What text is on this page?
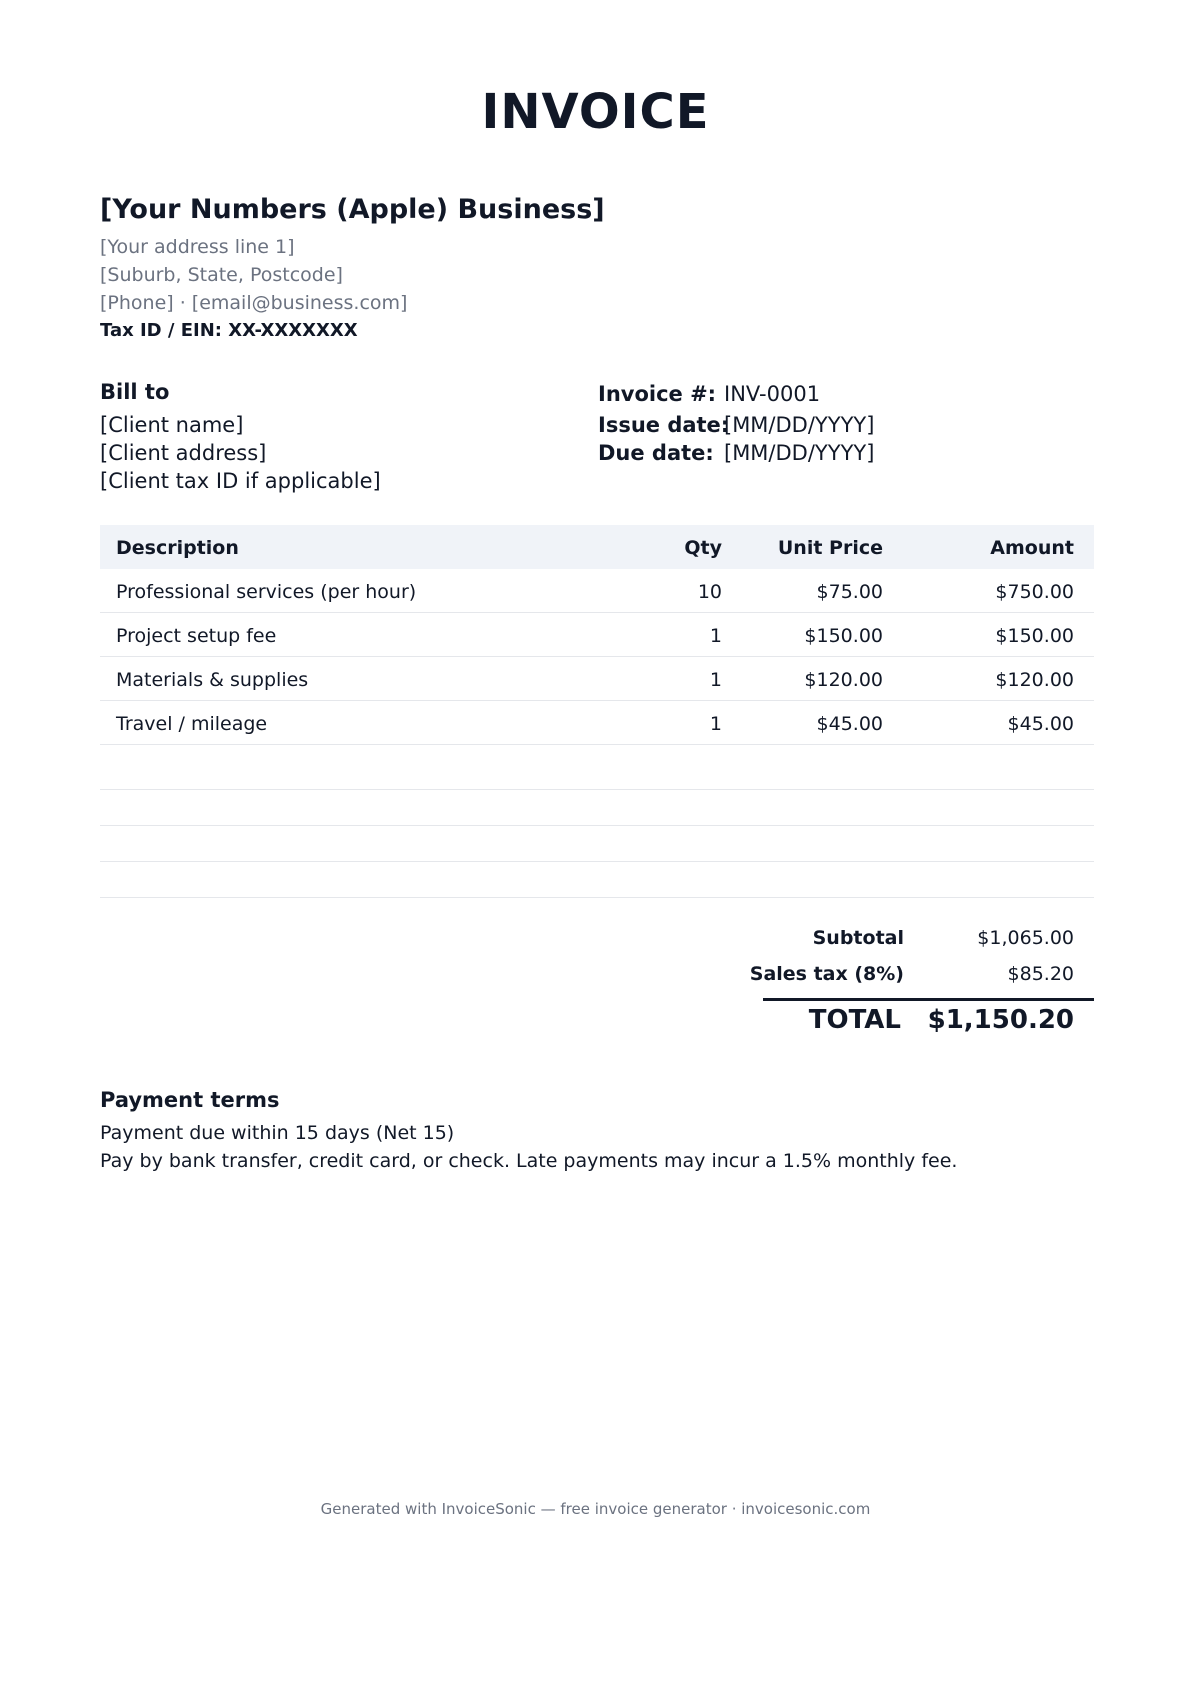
INVOICE
[Your Numbers (Apple) Business]
[Your address line 1]
[Suburb, State, Postcode]
[Phone] · [email@business.com]
Tax ID / EIN: XX-XXXXXXX
Bill to
[Client name]
[Client address]
[Client tax ID if applicable]
Invoice #: INV-0001
Issue date:
[MM/DD/YYYY]
Due date: [MM/DD/YYYY]
Description	Qty	Unit Price	Amount
Professional services (per hour)	10	$75.00	$750.00
Project setup fee	1	$150.00	$150.00
Materials & supplies	1	$120.00	$120.00
Travel / mileage	1	$45.00	$45.00
Subtotal	$1,065.00
Sales tax (8%)	$85.20
TOTAL $1,150.20
Payment terms
Payment due within 15 days (Net 15)
Pay by bank transfer, credit card, or check. Late payments may incur a 1.5% monthly fee.
Generated with InvoiceSonic — free invoice generator · invoicesonic.com
